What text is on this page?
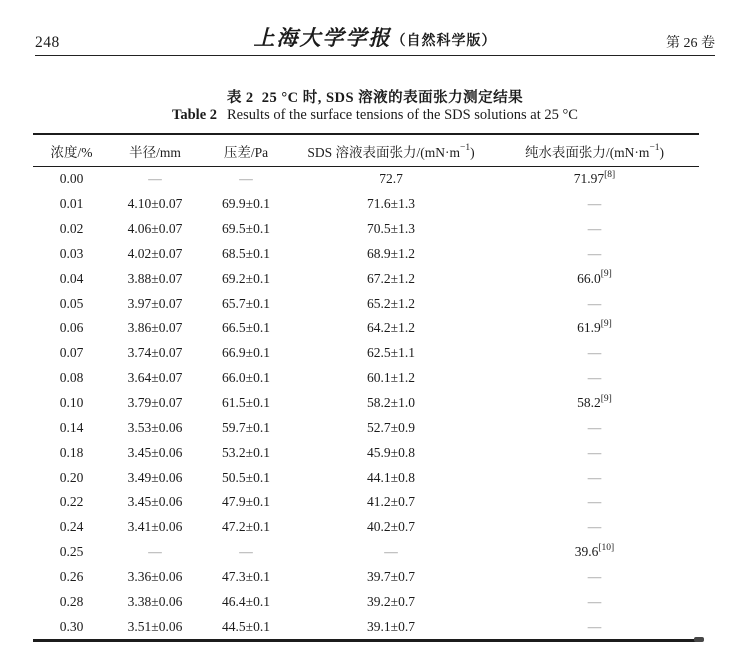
248	上海大学学报（自然科学版）	第 26 卷
表 2 25 °C 时, SDS 溶液的表面张力测定结果
Table 2 Results of the surface tensions of the SDS solutions at 25 °C
浓度/%	半径/mm	压差/Pa	SDS 溶液表面张力$/(mN\cdot m^{-1})$	纯水表面张力$/(mN\cdot m^{-1})$
0.00	—	—	72.7	71.97[8]
0.01	4.10±0.07	69.9±0.1	71.6±1.3	—
0.02	4.06±0.07	69.5±0.1	70.5±1.3	—
0.03	4.02±0.07	68.5±0.1	68.9±1.2	—
0.04	3.88±0.07	69.2±0.1	67.2±1.2	66.0[9]
0.05	3.97±0.07	65.7±0.1	65.2±1.2	—
0.06	3.86±0.07	66.5±0.1	64.2±1.2	61.9[9]
0.07	3.74±0.07	66.9±0.1	62.5±1.1	—
0.08	3.64±0.07	66.0±0.1	60.1±1.2	—
0.10	3.79±0.07	61.5±0.1	58.2±1.0	58.2[9]
0.14	3.53±0.06	59.7±0.1	52.7±0.9	—
0.18	3.45±0.06	53.2±0.1	45.9±0.8	—
0.20	3.49±0.06	50.5±0.1	44.1±0.8	—
0.22	3.45±0.06	47.9±0.1	41.2±0.7	—
0.24	3.41±0.06	47.2±0.1	40.2±0.7	—
0.25	—	—	—	39.6[10]
0.26	3.36±0.06	47.3±0.1	39.7±0.7	—
0.28	3.38±0.06	46.4±0.1	39.2±0.7	—
0.30	3.51±0.06	44.5±0.1	39.1±0.7	—
